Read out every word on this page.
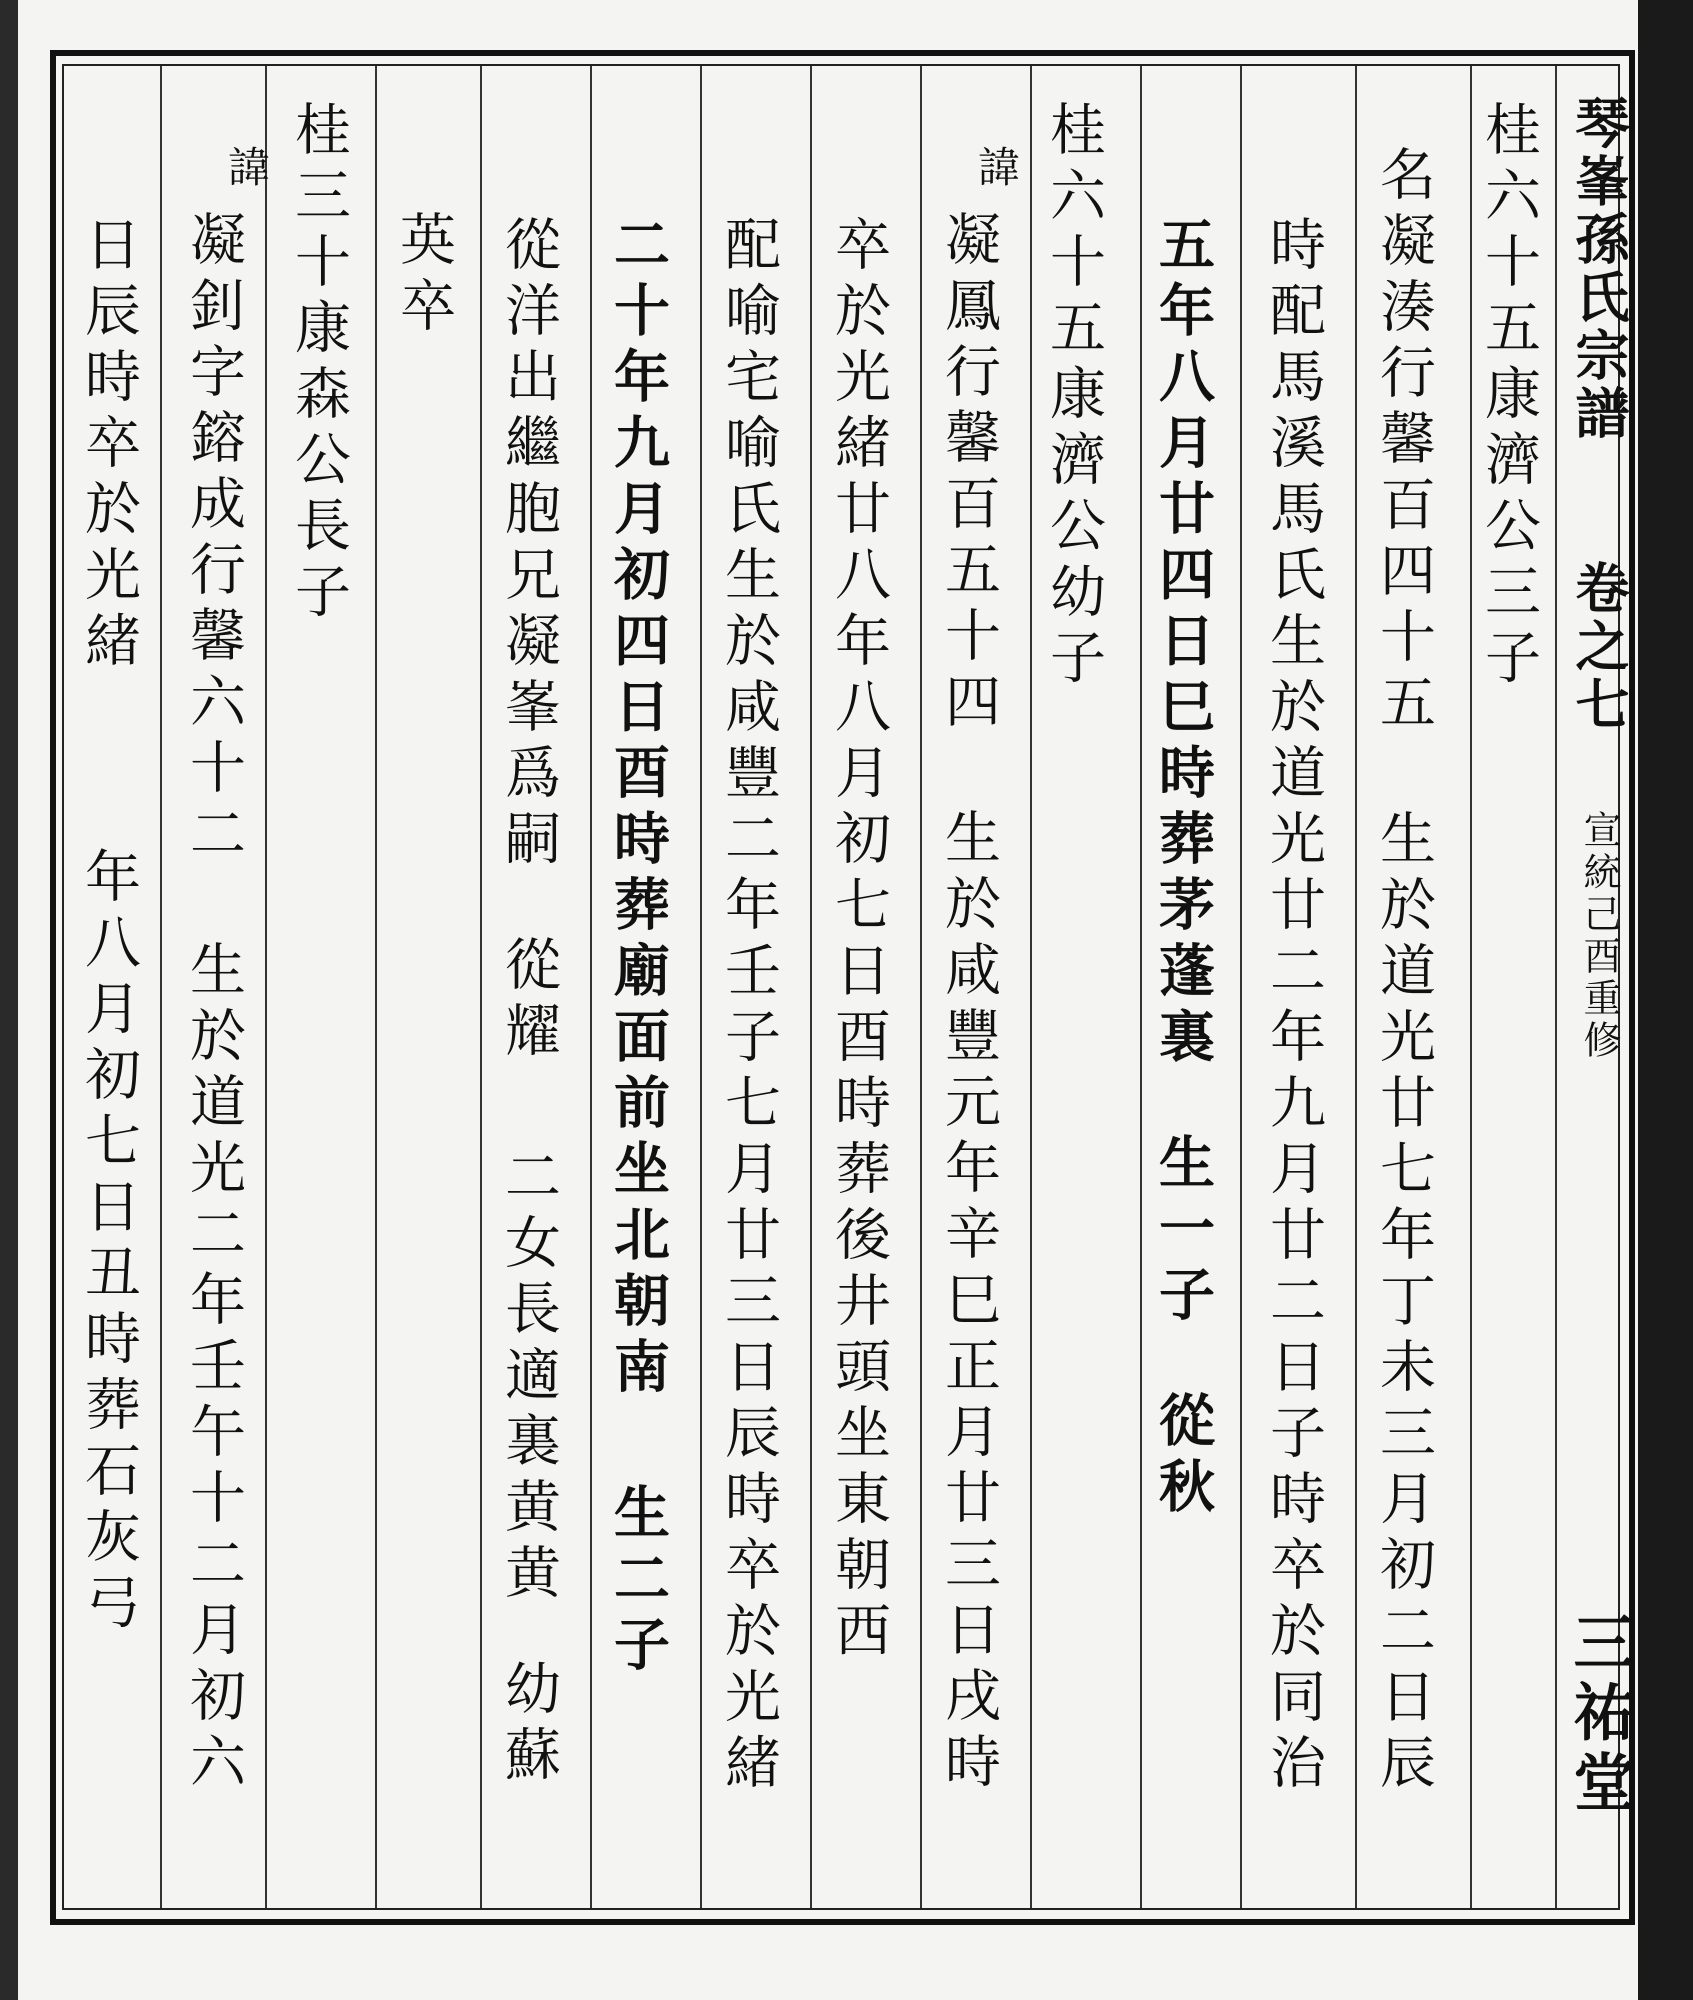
琴峯孫氏宗譜
卷之七
宣統己酉重修
三祐堂
桂六十五康濟公三子
名凝湊行馨百四十五生於道光廿七年丁未三月初二日辰
時配馬溪馬氏生於道光廿二年九月廿二日子時卒於同治
五年八月廿四日巳時葬茅蓬裏生一子從秋
桂六十五康濟公幼子
諱
凝鳳行馨百五十四生於咸豐元年辛巳正月廿三日戌時
卒於光緒廿八年八月初七日酉時葬後井頭坐東朝西
配喻宅喻氏生於咸豐二年壬子七月廿三日辰時卒於光緒
二十年九月初四日酉時葬廟面前坐北朝南生二子
從洋出繼胞兄凝峯爲嗣從耀二女長適裏黄黄幼蘇
英卒
桂三十康森公長子
諱
凝釗字鎔成行馨六十二生於道光二年壬午十二月初六
日辰時卒於光緒年八月初七日丑時葬石灰弓
